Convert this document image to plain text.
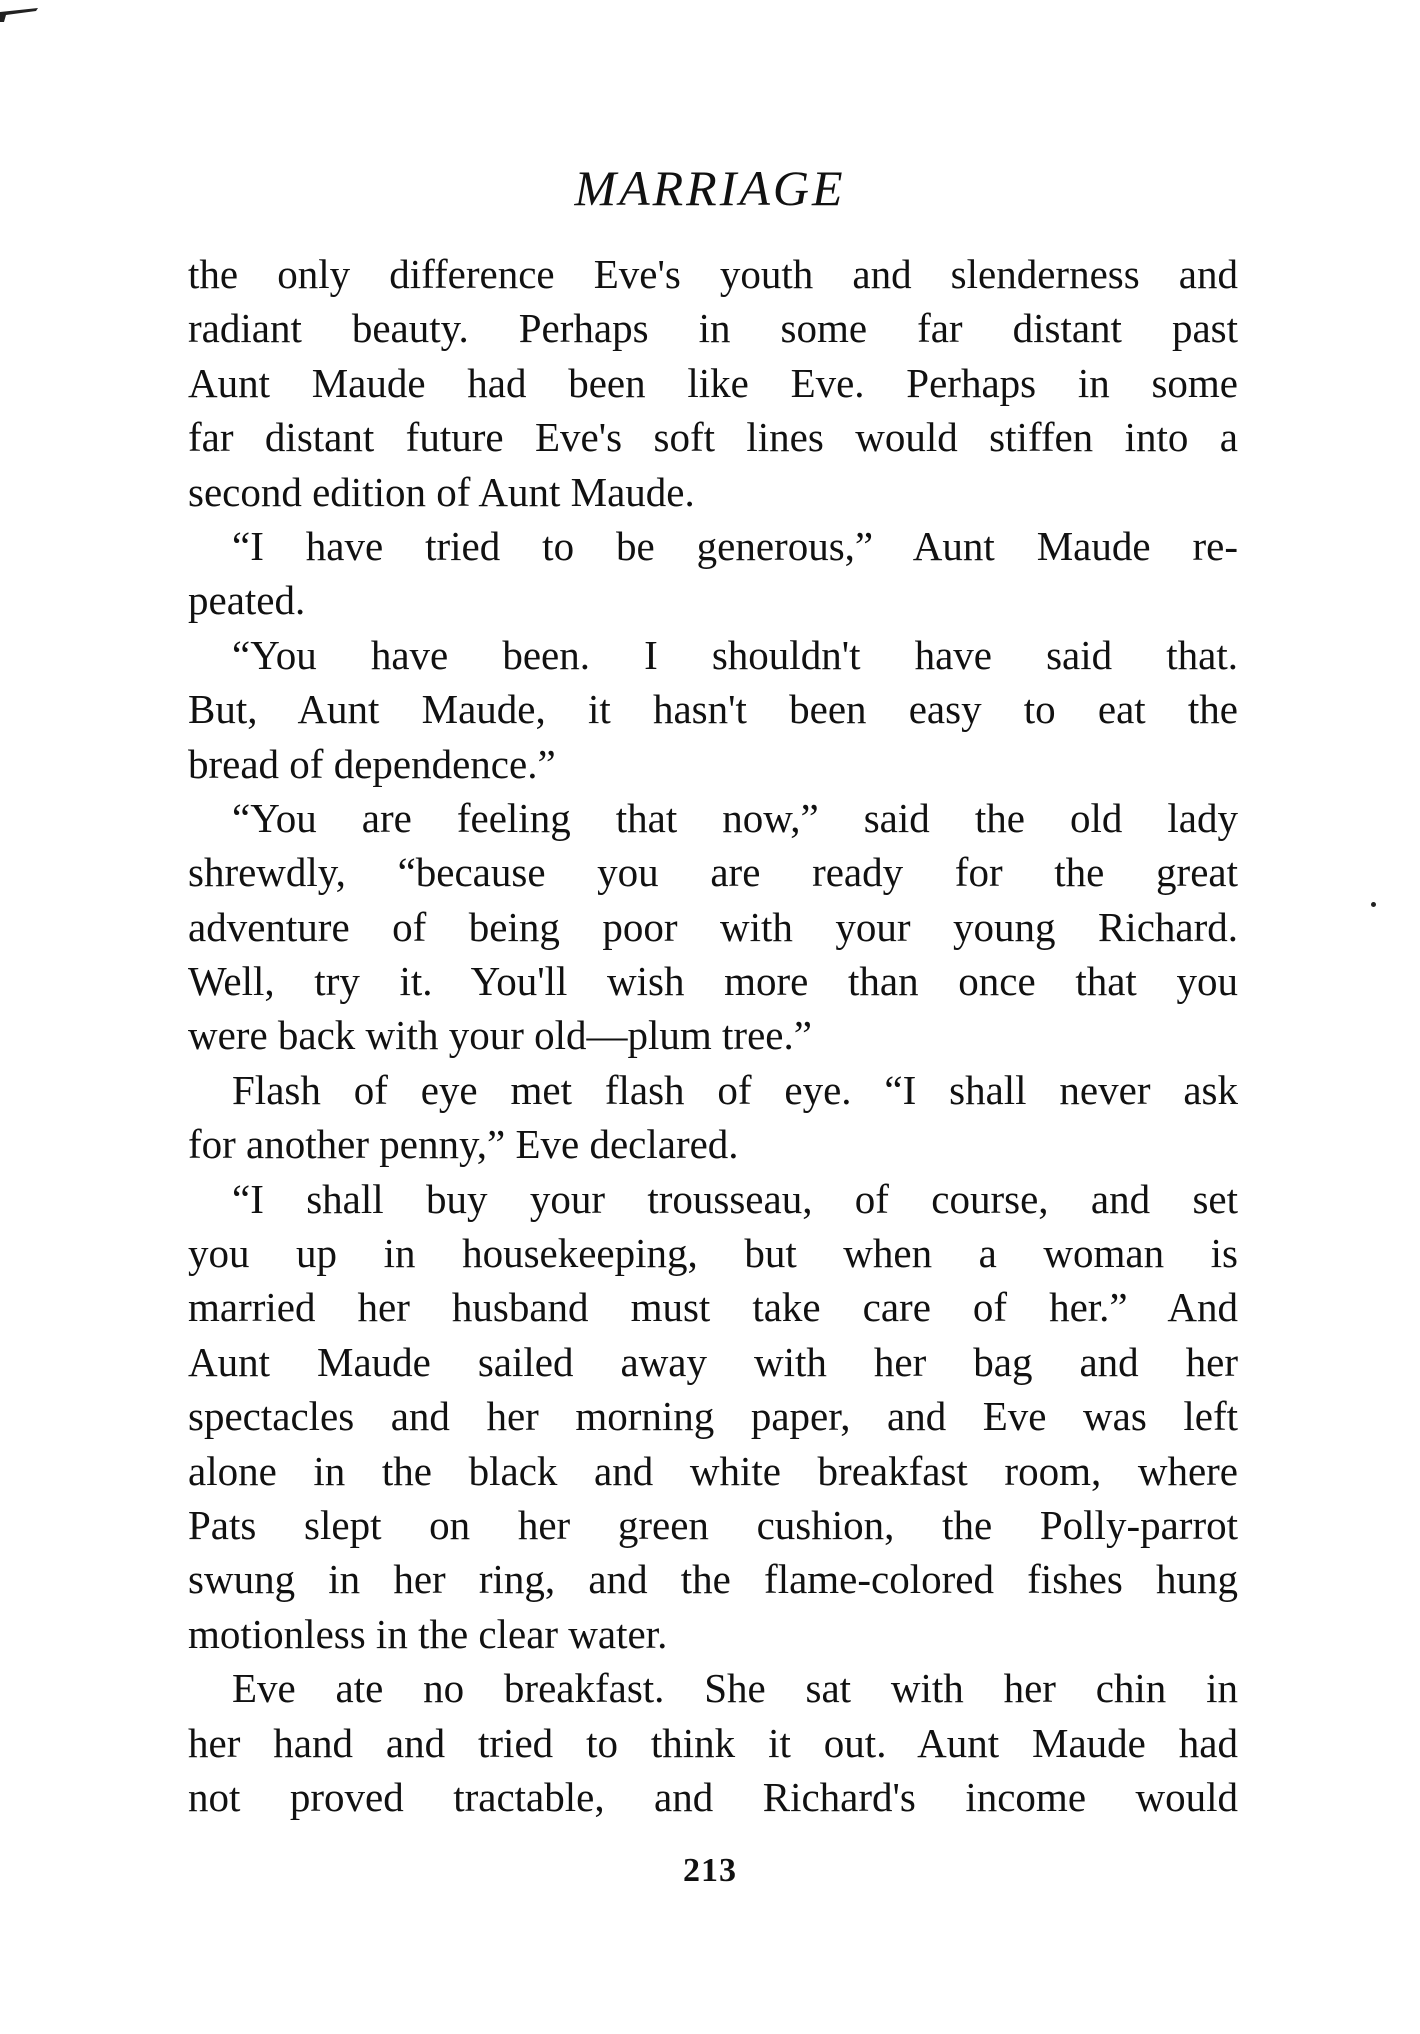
MARRIAGE
the only difference Eve's youth and slenderness and
radiant beauty. Perhaps in some far distant past
Aunt Maude had been like Eve. Perhaps in some
far distant future Eve's soft lines would stiffen into a
second edition of Aunt Maude.
“I have tried to be generous,” Aunt Maude re-
peated.
“You have been. I shouldn't have said that.
But, Aunt Maude, it hasn't been easy to eat the
bread of dependence.”
“You are feeling that now,” said the old lady
shrewdly, “because you are ready for the great
adventure of being poor with your young Richard.
Well, try it. You'll wish more than once that you
were back with your old—plum tree.”
Flash of eye met flash of eye. “I shall never ask
for another penny,” Eve declared.
“I shall buy your trousseau, of course, and set
you up in housekeeping, but when a woman is
married her husband must take care of her.” And
Aunt Maude sailed away with her bag and her
spectacles and her morning paper, and Eve was left
alone in the black and white breakfast room, where
Pats slept on her green cushion, the Polly-parrot
swung in her ring, and the flame-colored fishes hung
motionless in the clear water.
Eve ate no breakfast. She sat with her chin in
her hand and tried to think it out. Aunt Maude had
not proved tractable, and Richard's income would
213
